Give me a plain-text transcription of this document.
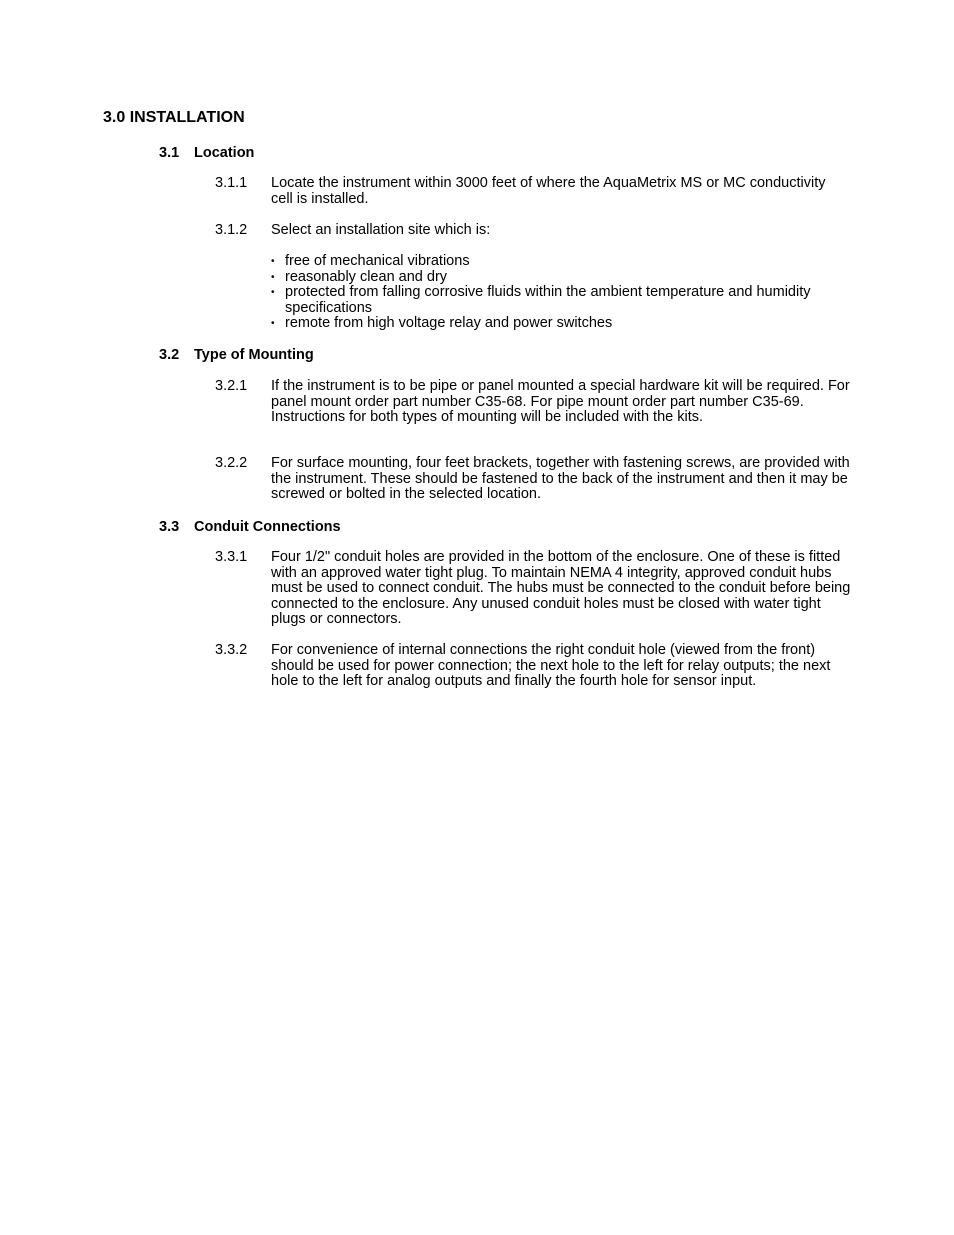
3.0 INSTALLATION
3.1 Location
3.1.1 Locate the instrument within 3000 feet of where the AquaMetrix MS or MC conductivity cell is installed.
3.1.2 Select an installation site which is:
• free of mechanical vibrations
• reasonably clean and dry
• protected from falling corrosive fluids within the ambient temperature and humidity specifications
• remote from high voltage relay and power switches
3.2 Type of Mounting
3.2.1 If the instrument is to be pipe or panel mounted a special hardware kit will be required. For panel mount order part number C35-68. For pipe mount order part number C35-69. Instructions for both types of mounting will be included with the kits.
3.2.2 For surface mounting, four feet brackets, together with fastening screws, are provided with the instrument. These should be fastened to the back of the instrument and then it may be screwed or bolted in the selected location.
3.3 Conduit Connections
3.3.1 Four 1/2" conduit holes are provided in the bottom of the enclosure. One of these is fitted with an approved water tight plug. To maintain NEMA 4 integrity, approved conduit hubs must be used to connect conduit. The hubs must be connected to the conduit before being connected to the enclosure. Any unused conduit holes must be closed with water tight plugs or connectors.
3.3.2 For convenience of internal connections the right conduit hole (viewed from the front) should be used for power connection; the next hole to the left for relay outputs; the next hole to the left for analog outputs and finally the fourth hole for sensor input.
